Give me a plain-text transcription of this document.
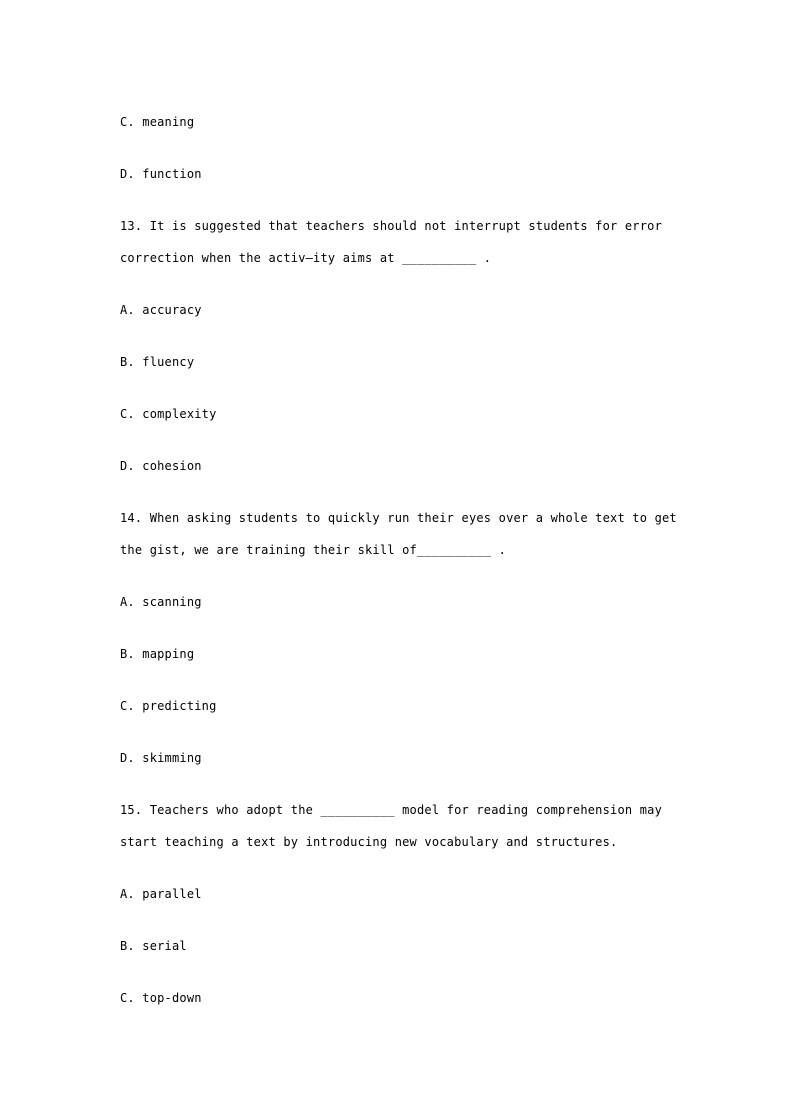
C. meaning
D. function
13. It is suggested that teachers should not interrupt students for error
correction when the activ—ity aims at __________ .
A. accuracy
B. fluency
C. complexity
D. cohesion
14. When asking students to quickly run their eyes over a whole text to get
the gist, we are training their skill of__________ .
A. scanning
B. mapping
C. predicting
D. skimming
15. Teachers who adopt the __________ model for reading comprehension may
start teaching a text by introducing new vocabulary and structures.
A. parallel
B. serial
C. top-down
